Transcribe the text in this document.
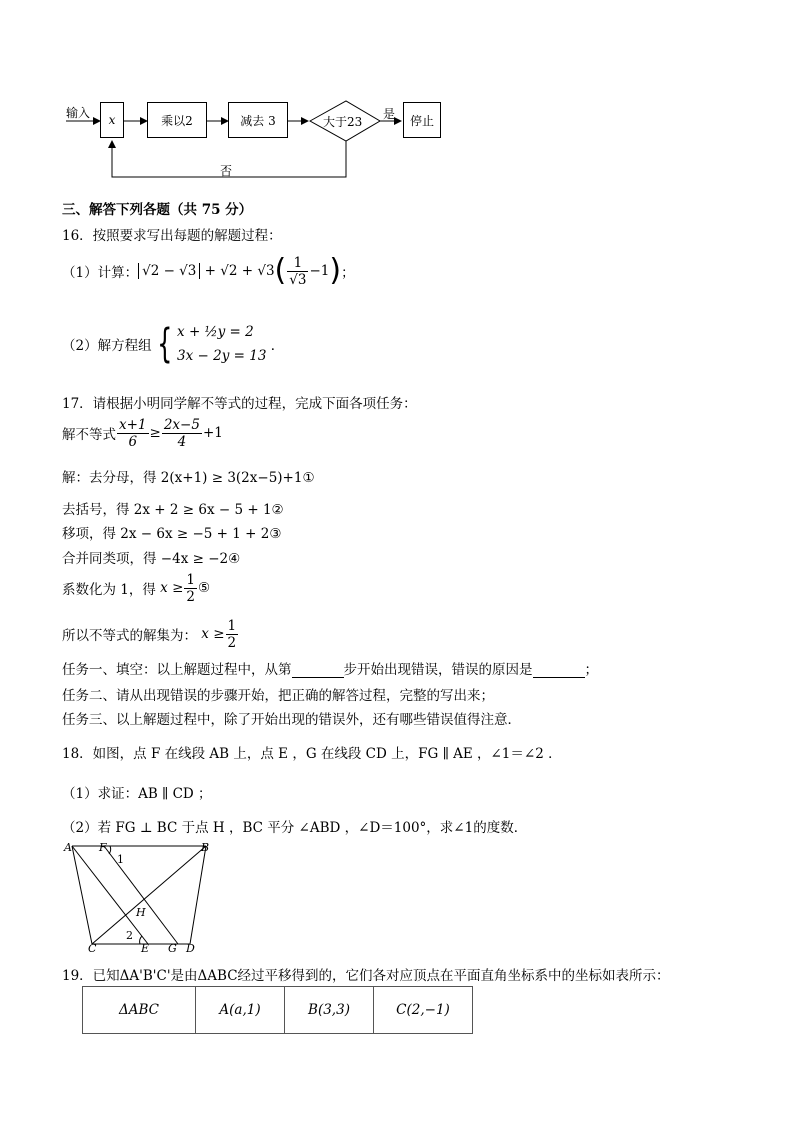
输入	x	乘以2	减去 3	大于23
是	停止
否
三、解答下列各题（共 75 分）
16．按照要求写出每题的解题过程：
（1）计算： √2 − √3 + √2 + √3 ( $\frac{1}{√3} -1$ ) ；
（2）解方程组 { x + ½y = 2
3x − 2y = 13
．
17．请根据小明同学解不等式的过程，完成下面各项任务：
解不等式 $\frac{x+1}{6} \ge \frac{2x-5}{4} +1$
解：去分母，得 2(x+1) ≥ 3(2x−5)+1①
去括号，得 2x + 2 ≥ 6x − 5 + 1②
移项，得 2x − 6x ≥ −5 + 1 + 2③
合并同类项，得 −4x ≥ −2④
系数化为 1，得 $x \ge \frac{1}{2}$ ⑤
所以不等式的解集为： $x \ge \frac{1}{2}$
任务一、填空：以上解题过程中，从第	步开始出现错误，错误的原因是	；
任务二、请从出现错误的步骤开始，把正确的解答过程，完整的写出来；
任务三、以上解题过程中，除了开始出现的错误外，还有哪些错误值得注意．
18．如图，点 F 在线段 AB 上，点 E ，G 在线段 CD 上，FG ∥ AE ，∠1＝∠2 ．
（1）求证：AB ∥ CD ；
（2）若 FG ⊥ BC 于点 H ，BC 平分 ∠ABD ，∠D＝100°，求∠1的度数．
A F
1
B
H
2
C	E G D
19．已知ΔA'B'C'是由ΔABC经过平移得到的，它们各对应顶点在平面直角坐标系中的坐标如表所示：
ΔABC	A(a,1)	B(3,3)	C(2,−1)
